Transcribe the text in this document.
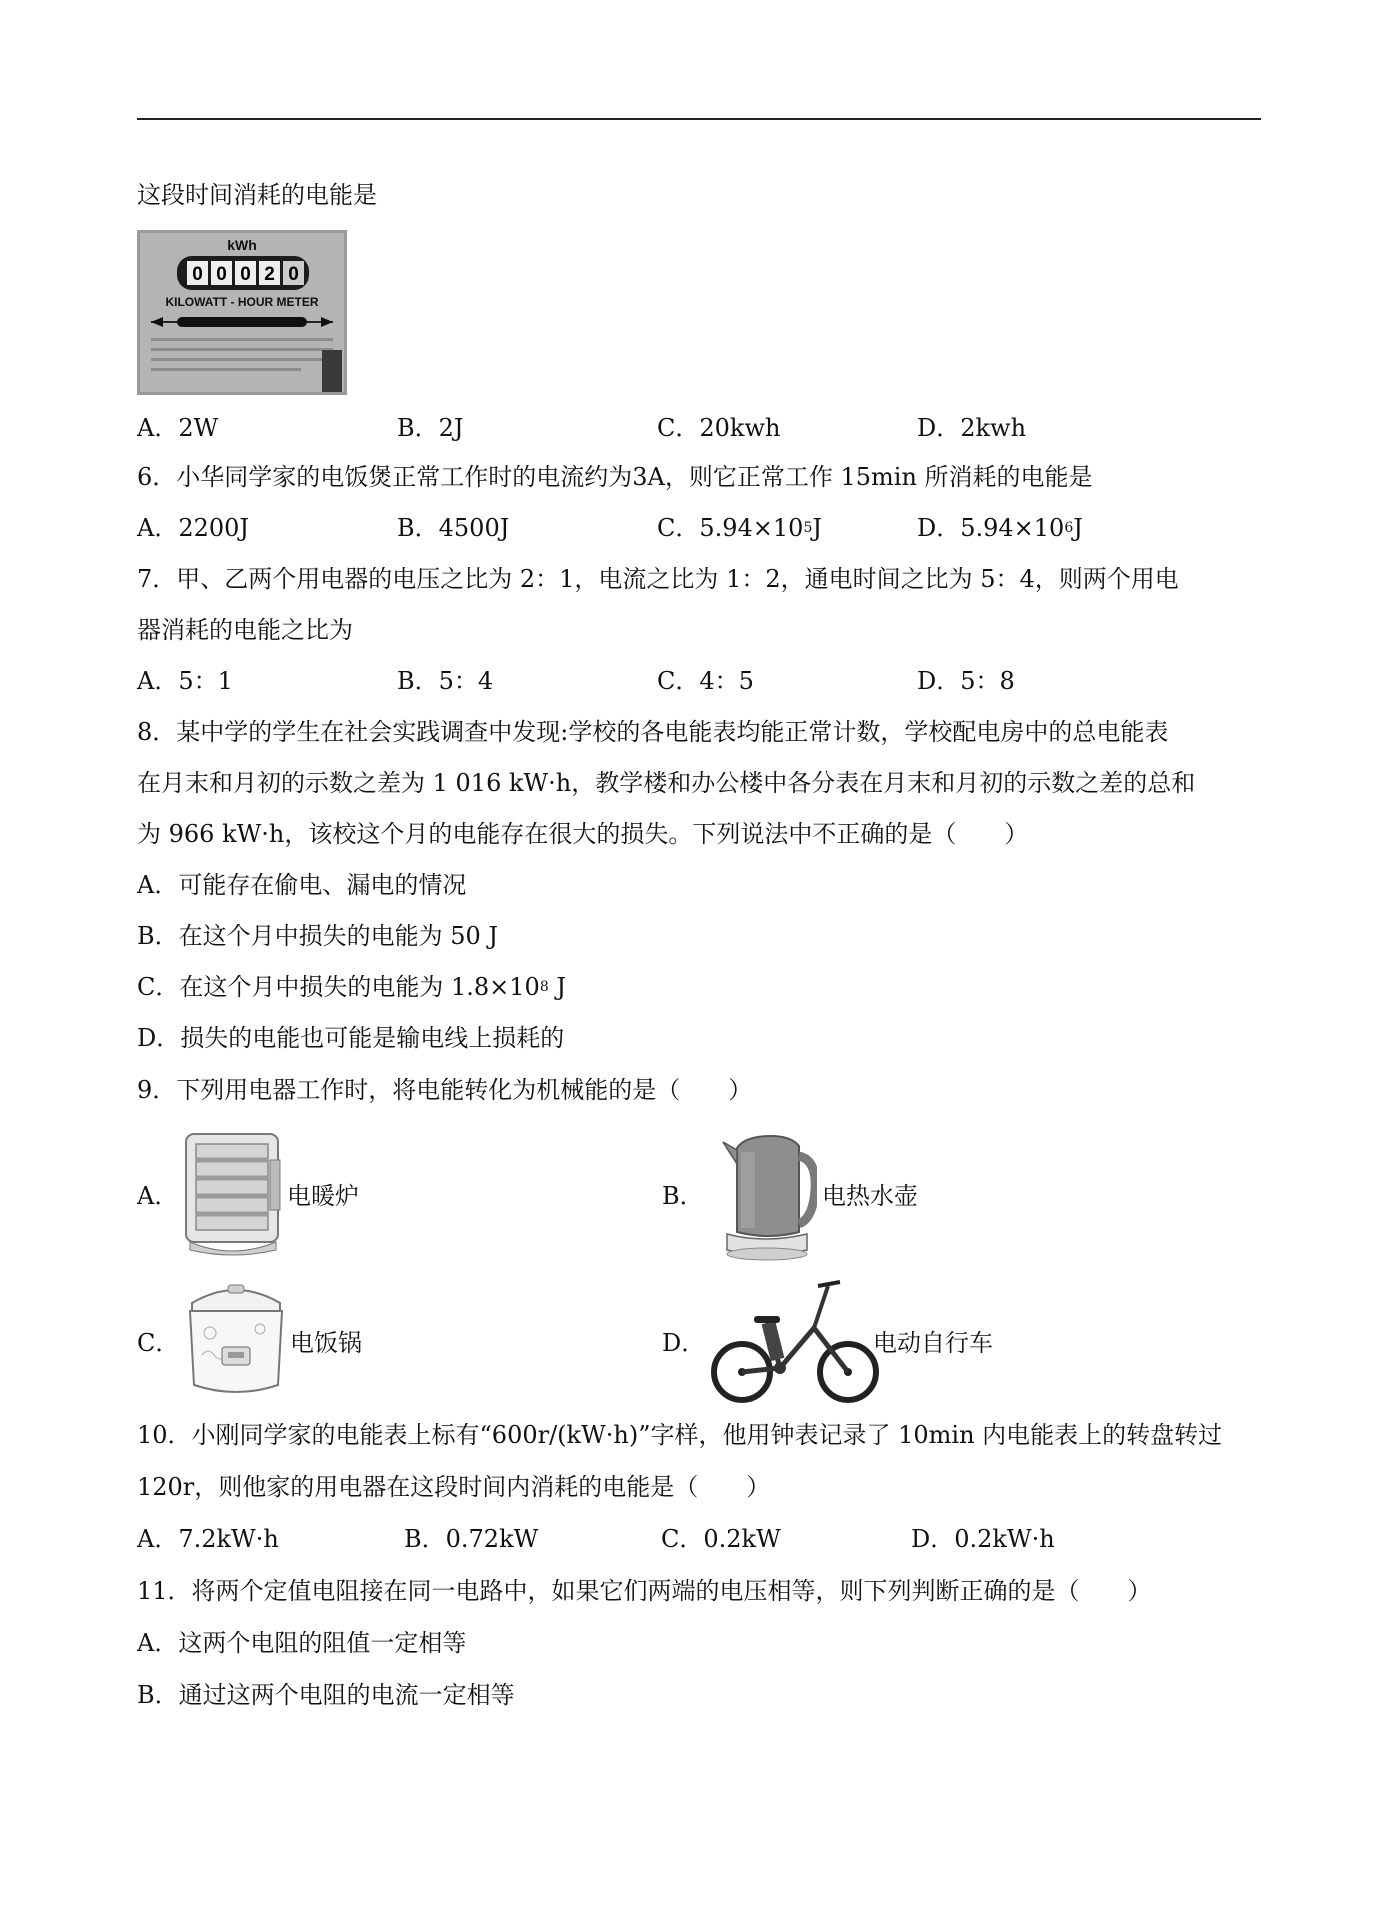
这段时间消耗的电能是
kWh
0 0 0 2 0
KILOWATT - HOUR METER
A．2W	B．2J	C．20kwh	D．2kwh
6．小华同学家的电饭煲正常工作时的电流约为3A，则它正常工作 15min 所消耗的电能是
A．2200J	B．4500J	C．$5.94\times 10^5J$	D．$5.94\times 10^6J$
7．甲、乙两个用电器的电压之比为 2：1，电流之比为 1：2，通电时间之比为 5：4，则两个用电
器消耗的电能之比为
A．5：1	B．5：4	C．4：5	D．5：8
8．某中学的学生在社会实践调查中发现:学校的各电能表均能正常计数，学校配电房中的总电能表
在月末和月初的示数之差为 1 016 kW·h，教学楼和办公楼中各分表在月末和月初的示数之差的总和
为 966 kW·h，该校这个月的电能存在很大的损失。下列说法中不正确的是（　　）
A．可能存在偷电、漏电的情况
B．在这个月中损失的电能为 50 J
C．在这个月中损失的电能为 $1.8\times 10^8$ J
D．损失的电能也可能是输电线上损耗的
9．下列用电器工作时，将电能转化为机械能的是（　　）
A．	电暖炉	B．	电热水壶
C．	电饭锅	D．	电动自行车
10．小刚同学家的电能表上标有“600r/(kW·h)”字样，他用钟表记录了 10min 内电能表上的转盘转过
120r，则他家的用电器在这段时间内消耗的电能是（　　）
A．7.2kW·h	B．0.72kW	C．0.2kW	D．0.2kW·h
11．将两个定值电阻接在同一电路中，如果它们两端的电压相等，则下列判断正确的是（　　）
A．这两个电阻的阻值一定相等
B．通过这两个电阻的电流一定相等
